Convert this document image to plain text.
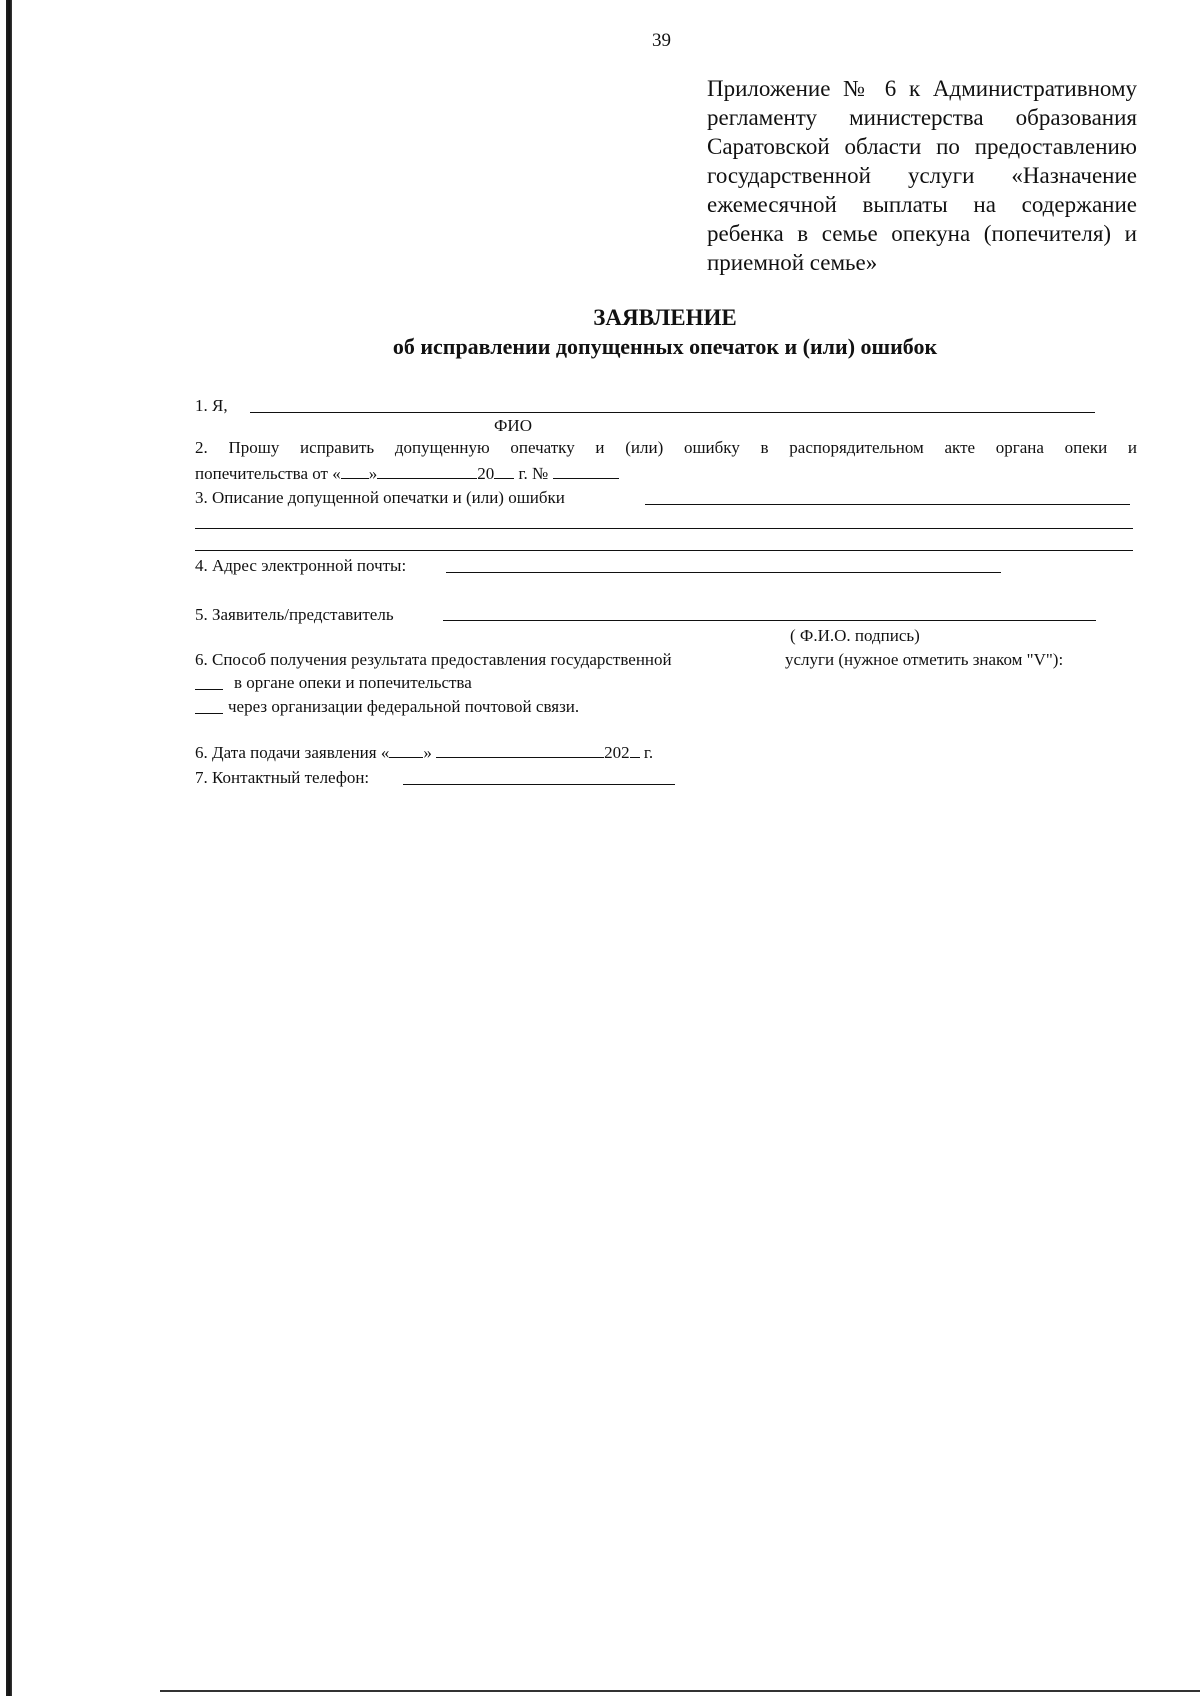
39
Приложение № 6 к Административному регламенту министерства образования Саратовской области по предоставлению государственной услуги «Назначение ежемесячной выплаты на содержание ребенка в семье опекуна (попечителя) и приемной семье»
ЗАЯВЛЕНИЕ
об исправлении допущенных опечаток и (или) ошибок
1. Я,
ФИО
2. Прошу исправить допущенную опечатку и (или) ошибку в распорядительном акте органа опеки и
попечительства от « »	20 г. №
3. Описание допущенной опечатки и (или) ошибки
4. Адрес электронной почты:
5. Заявитель/представитель
( Ф.И.О. подпись)
6. Способ получения результата предоставления государственной	услуги (нужное отметить знаком "V"):
в органе опеки и попечительства
через организации федеральной почтовой связи.
6. Дата подачи заявления « »	202 г.
7. Контактный телефон:
